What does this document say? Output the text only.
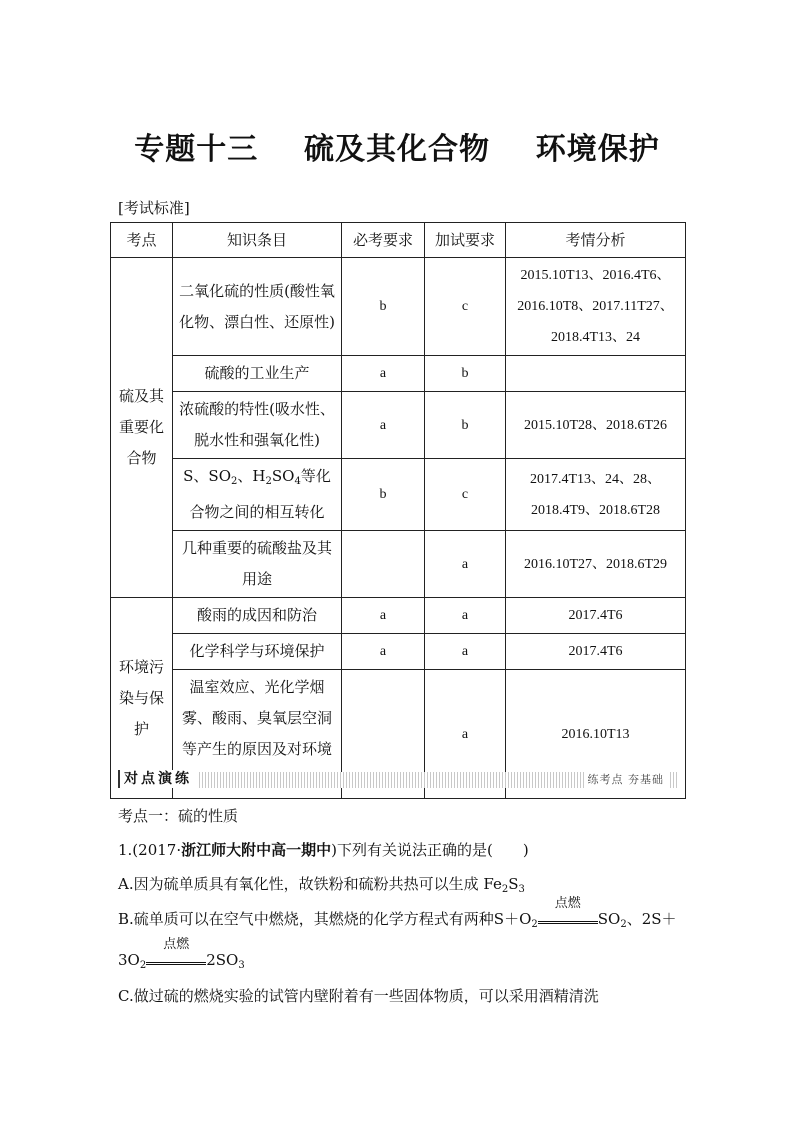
专题十三 硫及其化合物 环境保护
[考试标准]
考点	知识条目	必考要求	加试要求	考情分析
硫及其重要化合物	二氧化硫的性质(酸性氧化物、漂白性、还原性)	b	c	2015.10T13、2016.4T6、2016.10T8、2017.11T27、2018.4T13、24
	硫酸的工业生产	a	b	
	浓硫酸的特性(吸水性、脱水性和强氧化性)	a	b	2015.10T28、2018.6T26
	S、$SO_2$、$H_2SO_4$等化合物之间的相互转化	b	c	2017.4T13、24、28、2018.4T9、2018.6T28
	几种重要的硫酸盐及其用途		a	2016.10T27、2018.6T29
环境污染与保护	酸雨的成因和防治	a	a	2017.4T6
	化学科学与环境保护	a	a	2017.4T6
	温室效应、光化学烟雾、酸雨、臭氧层空洞等产生的原因及对环境		a	2016.10T13
对点演练	练考点 夯基础
考点一：硫的性质
1.(2017·浙江师大附中高一期中)下列有关说法正确的是(　　)
A.因为硫单质具有氧化性，故铁粉和硫粉共热可以生成 $Fe_2S_3$
B.硫单质可以在空气中燃烧，其燃烧的化学方程式有两种$S+O_2$
点燃
$SO_2$、2S＋
$3O_2$
点燃
$2SO_3$
C.做过硫的燃烧实验的试管内壁附着有一些固体物质，可以采用酒精清洗
